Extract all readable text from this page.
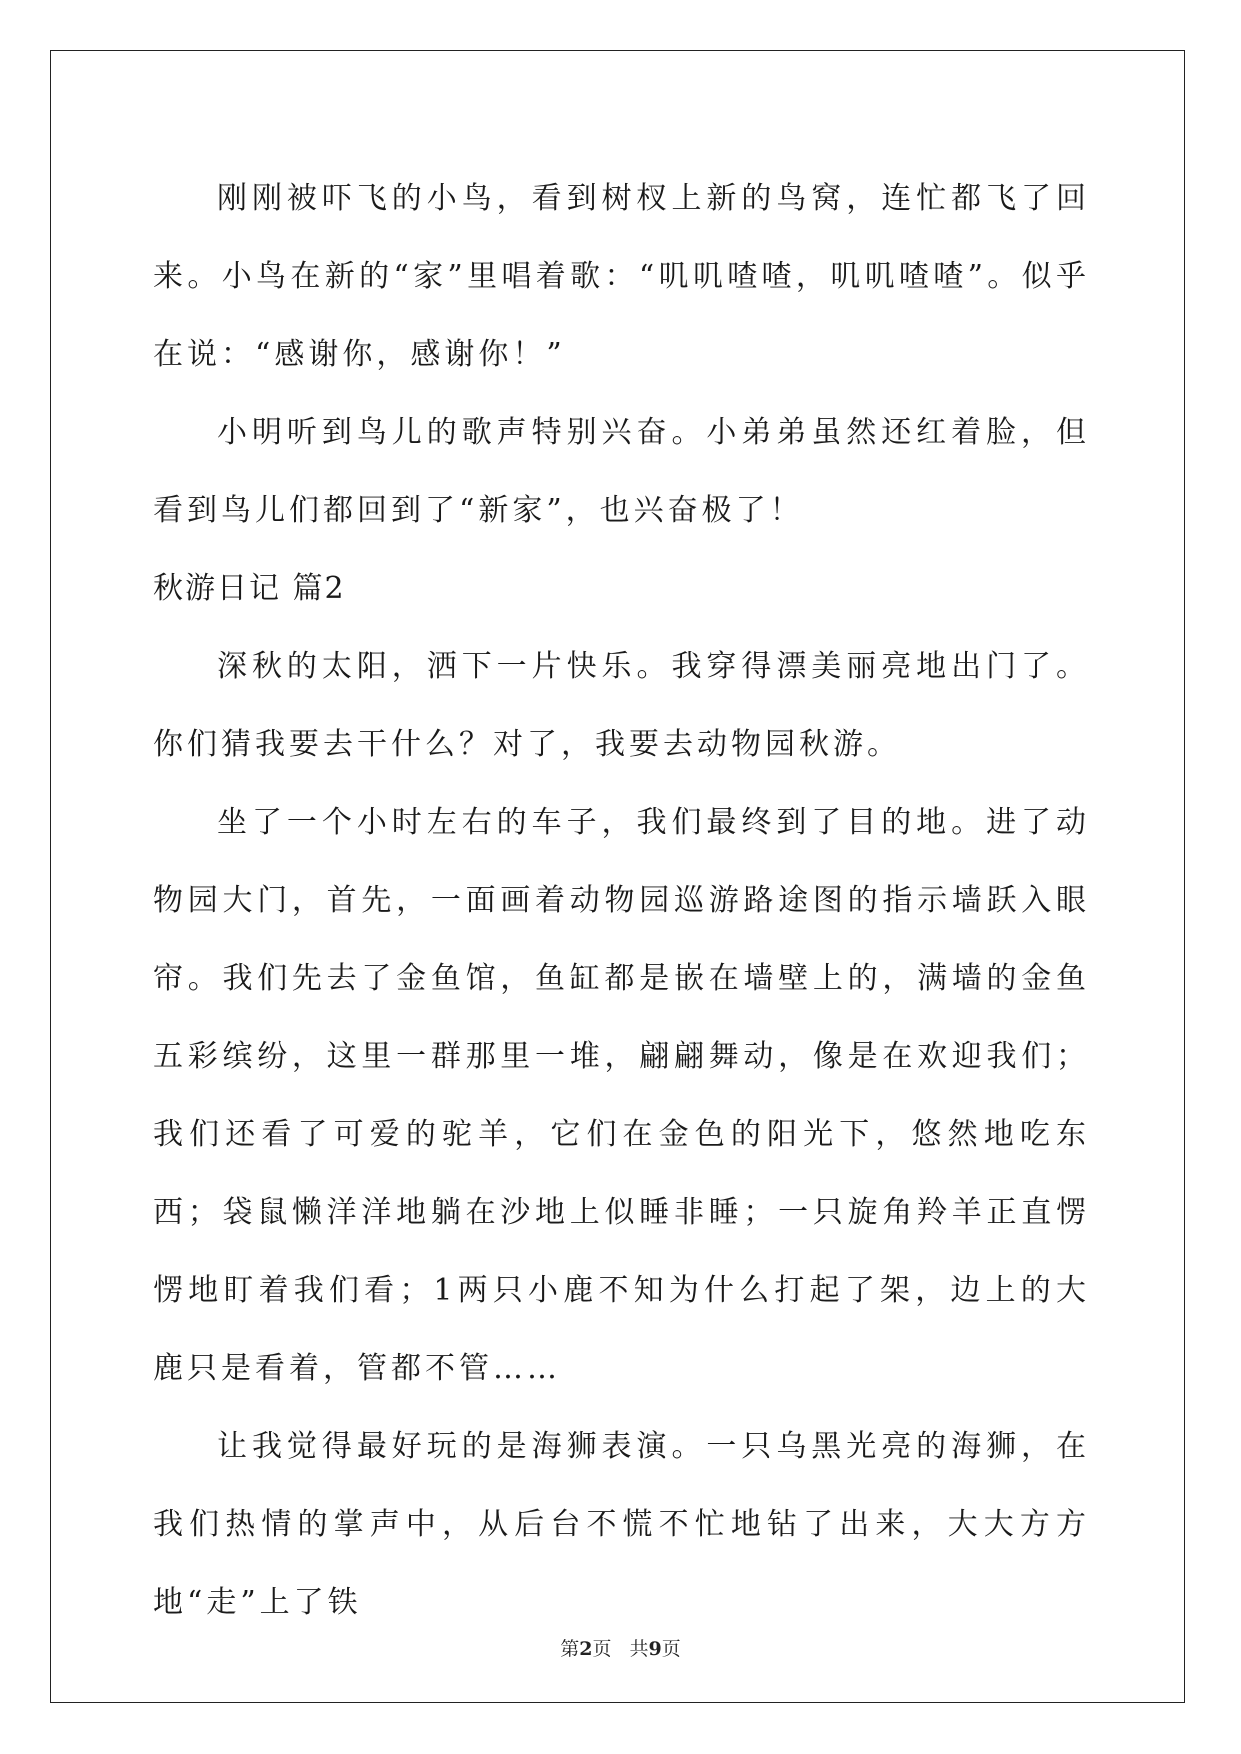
刚刚被吓飞的小鸟，看到树杈上新的鸟窝，连忙都飞了回来。小鸟在新的“家”里唱着歌：“叽叽喳喳，叽叽喳喳”。似乎在说：“感谢你，感谢你！”

小明听到鸟儿的歌声特别兴奋。小弟弟虽然还红着脸，但看到鸟儿们都回到了“新家”，也兴奋极了！

秋游日记 篇2

深秋的太阳，洒下一片快乐。我穿得漂美丽亮地出门了。你们猜我要去干什么？对了，我要去动物园秋游。

坐了一个小时左右的车子，我们最终到了目的地。进了动物园大门，首先，一面画着动物园巡游路途图的指示墙跃入眼帘。我们先去了金鱼馆，鱼缸都是嵌在墙壁上的，满墙的金鱼五彩缤纷，这里一群那里一堆，翩翩舞动，像是在欢迎我们；我们还看了可爱的驼羊，它们在金色的阳光下，悠然地吃东西；袋鼠懒洋洋地躺在沙地上似睡非睡；一只旋角羚羊正直愣愣地盯着我们看；1两只小鹿不知为什么打起了架，边上的大鹿只是看着，管都不管……

让我觉得最好玩的是海狮表演。一只乌黑光亮的海狮，在我们热情的掌声中，从后台不慌不忙地钻了出来，大大方方地“走”上了铁

第2页 共9页
